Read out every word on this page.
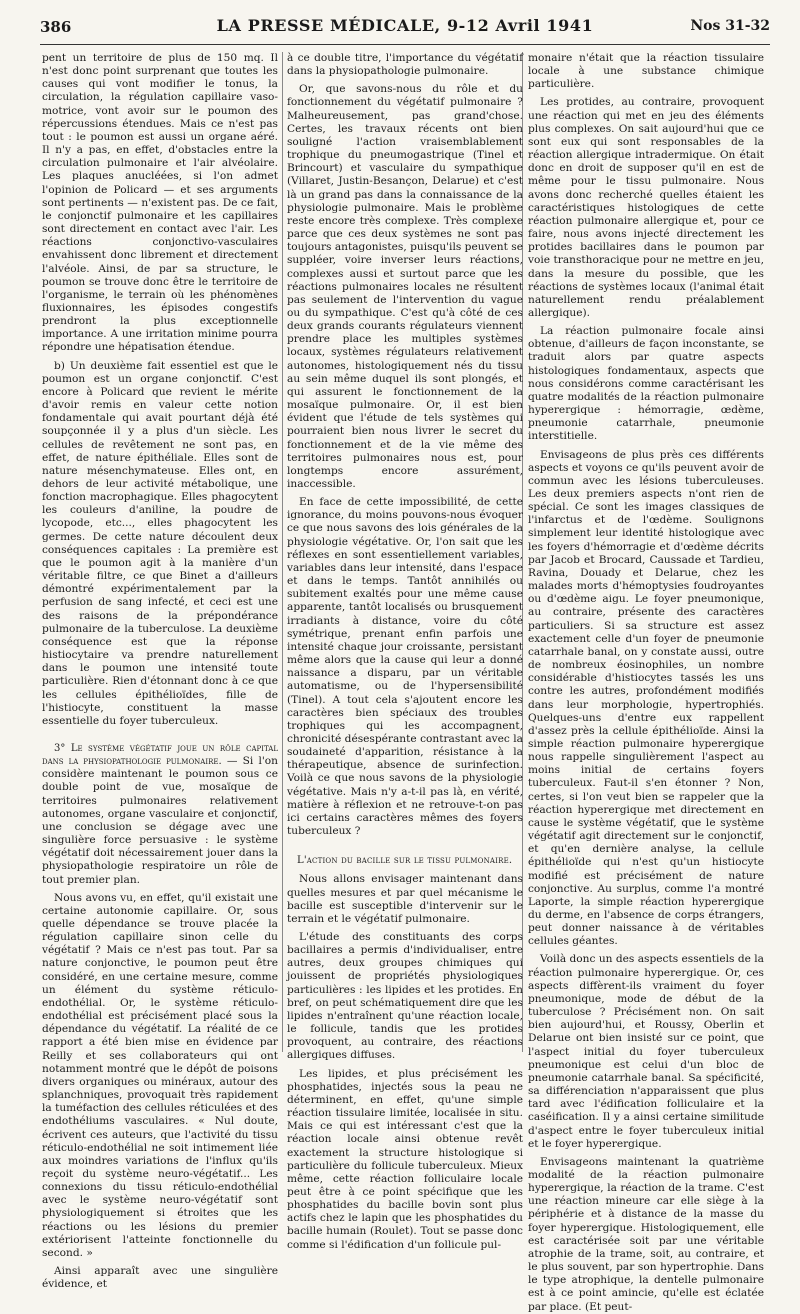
386	LA PRESSE MÉDICALE, 9-12 Avril 1941	Nos 31-32

pent un territoire de plus de 150 mq. Il n'est donc point surprenant que toutes les causes qui vont modifier le tonus, la circulation, la régulation capillaire vaso-motrice, vont avoir sur le poumon des répercussions étendues. Mais ce n'est pas tout : le poumon est aussi un organe aéré. Il n'y a pas, en effet, d'obstacles entre la circulation pulmonaire et l'air alvéolaire. Les plaques anucléées, si l'on admet l'opinion de Policard — et ses arguments sont pertinents — n'existent pas. De ce fait, le conjonctif pulmonaire et les capillaires sont directement en contact avec l'air. Les réactions conjonctivo-vasculaires envahissent donc librement et directement l'alvéole. Ainsi, de par sa structure, le poumon se trouve donc être le territoire de l'organisme, le terrain où les phénomènes fluxionnaires, les épisodes congestifs prendront la plus exceptionnelle importance. A une irritation minime pourra répondre une hépatisation étendue.

b) Un deuxième fait essentiel est que le poumon est un organe conjonctif. C'est encore à Policard que revient le mérite d'avoir remis en valeur cette notion fondamentale qui avait pourtant déjà été soupçonnée il y a plus d'un siècle. Les cellules de revêtement ne sont pas, en effet, de nature épithéliale. Elles sont de nature mésenchymateuse. Elles ont, en dehors de leur activité métabolique, une fonction macrophagique. Elles phagocytent les couleurs d'aniline, la poudre de lycopode, etc..., elles phagocytent les germes. De cette nature découlent deux conséquences capitales : La première est que le poumon agit à la manière d'un véritable filtre, ce que Binet a d'ailleurs démontré expérimentalement par la perfusion de sang infecté, et ceci est une des raisons de la prépondérance pulmonaire de la tuberculose. La deuxième conséquence est que la réponse histiocytaire va prendre naturellement dans le poumon une intensité toute particulière. Rien d'étonnant donc à ce que les cellules épithélioïdes, fille de l'histiocyte, constituent la masse essentielle du foyer tuberculeux.

3° Le système végétatif joue un rôle capital dans la physiopathologie pulmonaire. — Si l'on considère maintenant le poumon sous ce double point de vue, mosaïque de territoires pulmonaires relativement autonomes, organe vasculaire et conjonctif, une conclusion se dégage avec une singulière force persuasive : le système végétatif doit nécessairement jouer dans la physiopathologie respiratoire un rôle de tout premier plan.

Nous avons vu, en effet, qu'il existait une certaine autonomie capillaire. Or, sous quelle dépendance se trouve placée la régulation capillaire sinon celle du végétatif ? Mais ce n'est pas tout. Par sa nature conjonctive, le poumon peut être considéré, en une certaine mesure, comme un élément du système réticulo-endothélial. Or, le système réticulo-endothélial est précisément placé sous la dépendance du végétatif. La réalité de ce rapport a été bien mise en évidence par Reilly et ses collaborateurs qui ont notamment montré que le dépôt de poisons divers organiques ou minéraux, autour des splanchniques, provoquait très rapidement la tuméfaction des cellules réticulées et des endothéliums vasculaires. « Nul doute, écrivent ces auteurs, que l'activité du tissu réticulo-endothélial ne soit intimement liée aux moindres variations de l'influx qu'ils reçoit du système neuro-végétatif... Les connexions du tissu réticulo-endothélial avec le système neuro-végétatif sont physiologiquement si étroites que les réactions ou les lésions du premier extériorisent l'atteinte fonctionnelle du second. »

Ainsi apparaît avec une singulière évidence, et

à ce double titre, l'importance du végétatif dans la physiopathologie pulmonaire.

Or, que savons-nous du rôle et du fonctionnement du végétatif pulmonaire ? Malheureusement, pas grand'chose. Certes, les travaux récents ont bien souligné l'action vraisemblablement trophique du pneumogastrique (Tinel et Brincourt) et vasculaire du sympathique (Villaret, Justin-Besançon, Delarue) et c'est là un grand pas dans la connaissance de la physiologie pulmonaire. Mais le problème reste encore très complexe. Très complexe parce que ces deux systèmes ne sont pas toujours antagonistes, puisqu'ils peuvent se suppléer, voire inverser leurs réactions, complexes aussi et surtout parce que les réactions pulmonaires locales ne résultent pas seulement de l'intervention du vague ou du sympathique. C'est qu'à côté de ces deux grands courants régulateurs viennent prendre place les multiples systèmes locaux, systèmes régulateurs relativement autonomes, histologiquement nés du tissu au sein même duquel ils sont plongés, et qui assurent le fonctionnement de la mosaïque pulmonaire. Or, il est bien évident que l'étude de tels systèmes qui pourraient bien nous livrer le secret du fonctionnement et de la vie même des territoires pulmonaires nous est, pour longtemps encore assurément, inaccessible.

En face de cette impossibilité, de cette ignorance, du moins pouvons-nous évoquer ce que nous savons des lois générales de la physiologie végétative. Or, l'on sait que les réflexes en sont essentiellement variables, variables dans leur intensité, dans l'espace et dans le temps. Tantôt annihilés ou subitement exaltés pour une même cause apparente, tantôt localisés ou brusquement irradiants à distance, voire du côté symétrique, prenant enfin parfois une intensité chaque jour croissante, persistant même alors que la cause qui leur a donné naissance a disparu, par un véritable automatisme, ou de l'hypersensibilité (Tinel). A tout cela s'ajoutent encore les caractères bien spéciaux des troubles trophiques qui les accompagnent, chronicité désespérante contrastant avec la soudaineté d'apparition, résistance à la thérapeutique, absence de surinfection. Voilà ce que nous savons de la physiologie végétative. Mais n'y a-t-il pas là, en vérité, matière à réflexion et ne retrouve-t-on pas ici certains caractères mêmes des foyers tuberculeux ?

L'action du bacille sur le tissu pulmonaire.

Nous allons envisager maintenant dans quelles mesures et par quel mécanisme le bacille est susceptible d'intervenir sur le terrain et le végétatif pulmonaire.

L'étude des constituants des corps bacillaires a permis d'individualiser, entre autres, deux groupes chimiques qui jouissent de propriétés physiologiques particulières : les lipides et les protides. En bref, on peut schématiquement dire que les lipides n'entraînent qu'une réaction locale, le follicule, tandis que les protides provoquent, au contraire, des réactions allergiques diffuses.

Les lipides, et plus précisément les phosphatides, injectés sous la peau ne déterminent, en effet, qu'une simple réaction tissulaire limitée, localisée in situ. Mais ce qui est intéressant c'est que la réaction locale ainsi obtenue revêt exactement la structure histologique si particulière du follicule tuberculeux. Mieux même, cette réaction folliculaire locale peut être à ce point spécifique que les phosphatides du bacille bovin sont plus actifs chez le lapin que les phosphatides du bacille humain (Roulet). Tout se passe donc comme si l'édification d'un follicule pul-

monaire n'était que la réaction tissulaire locale à une substance chimique particulière.

Les protides, au contraire, provoquent une réaction qui met en jeu des éléments plus complexes. On sait aujourd'hui que ce sont eux qui sont responsables de la réaction allergique intradermique. On était donc en droit de supposer qu'il en est de même pour le tissu pulmonaire. Nous avons donc recherché quelles étaient les caractéristiques histologiques de cette réaction pulmonaire allergique et, pour ce faire, nous avons injecté directement les protides bacillaires dans le poumon par voie transthoracique pour ne mettre en jeu, dans la mesure du possible, que les réactions de systèmes locaux (l'animal était naturellement rendu préalablement allergique).

La réaction pulmonaire focale ainsi obtenue, d'ailleurs de façon inconstante, se traduit alors par quatre aspects histologiques fondamentaux, aspects que nous considérons comme caractérisant les quatre modalités de la réaction pulmonaire hyperergique : hémorragie, œdème, pneumonie catarrhale, pneumonie interstitielle.

Envisageons de plus près ces différents aspects et voyons ce qu'ils peuvent avoir de commun avec les lésions tuberculeuses. Les deux premiers aspects n'ont rien de spécial. Ce sont les images classiques de l'infarctus et de l'œdème. Soulignons simplement leur identité histologique avec les foyers d'hémorragie et d'œdème décrits par Jacob et Brocard, Caussade et Tardieu, Ravina, Douady et Delarue, chez les malades morts d'hémoptysies foudroyantes ou d'œdème aigu. Le foyer pneumonique, au contraire, présente des caractères particuliers. Si sa structure est assez exactement celle d'un foyer de pneumonie catarrhale banal, on y constate aussi, outre de nombreux éosinophiles, un nombre considérable d'histiocytes tassés les uns contre les autres, profondément modifiés dans leur morphologie, hypertrophiés. Quelques-uns d'entre eux rappellent d'assez près la cellule épithélioïde. Ainsi la simple réaction pulmonaire hyperergique nous rappelle singulièrement l'aspect au moins initial de certains foyers tuberculeux. Faut-il s'en étonner ? Non, certes, si l'on veut bien se rappeler que la réaction hyperergique met directement en cause le système végétatif, que le système végétatif agit directement sur le conjonctif, et qu'en dernière analyse, la cellule épithélioïde qui n'est qu'un histiocyte modifié est précisément de nature conjonctive. Au surplus, comme l'a montré Laporte, la simple réaction hyperergique du derme, en l'absence de corps étrangers, peut donner naissance à de véritables cellules géantes.

Voilà donc un des aspects essentiels de la réaction pulmonaire hyperergique. Or, ces aspects diffèrent-ils vraiment du foyer pneumonique, mode de début de la tuberculose ? Précisément non. On sait bien aujourd'hui, et Roussy, Oberlin et Delarue ont bien insisté sur ce point, que l'aspect initial du foyer tuberculeux pneumonique est celui d'un bloc de pneumonie catarrhale banal. Sa spécificité, sa différenciation n'apparaissent que plus tard avec l'édification folliculaire et la caséification. Il y a ainsi certaine similitude d'aspect entre le foyer tuberculeux initial et le foyer hyperergique.

Envisageons maintenant la quatrième modalité de la réaction pulmonaire hyperergique, la réaction de la trame. C'est une réaction mineure car elle siège à la périphérie et à distance de la masse du foyer hyperergique. Histologiquement, elle est caractérisée soit par une véritable atrophie de la trame, soit, au contraire, et le plus souvent, par son hypertrophie. Dans le type atrophique, la dentelle pulmonaire est à ce point amincie, qu'elle est éclatée par place. (Et peut-
